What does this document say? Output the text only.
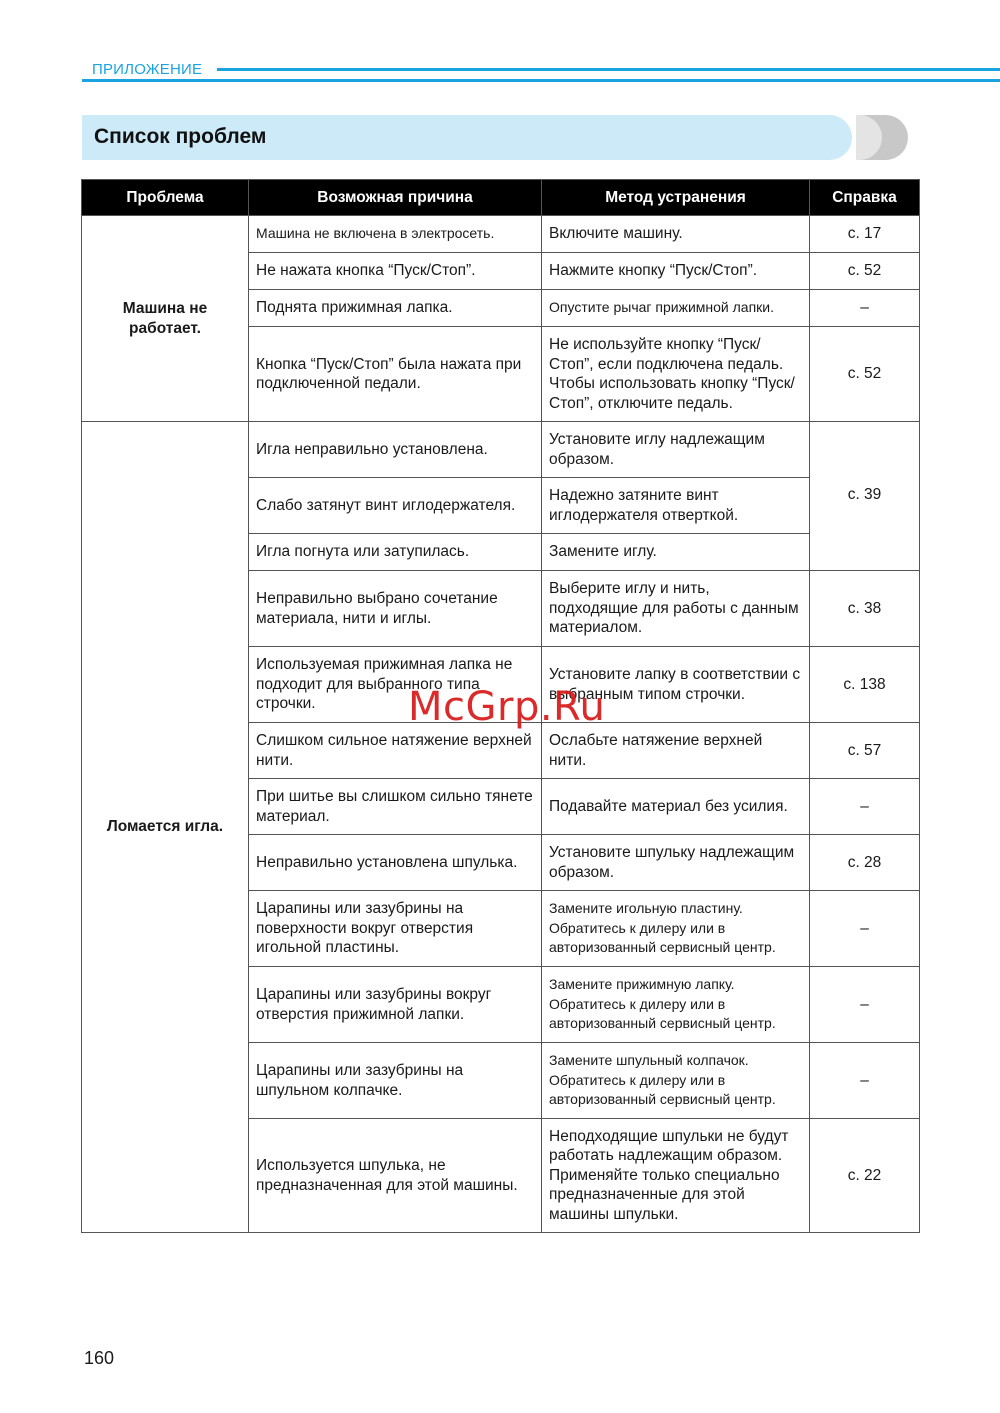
ПРИЛОЖЕНИЕ
Список проблем
Проблема	Возможная причина	Метод устранения	Справка
Машина не работает.	Машина не включена в электросеть.	Включите машину.	с. 17
	Не нажата кнопка “Пуск/Стоп”.	Нажмите кнопку “Пуск/Стоп”.	с. 52
	Поднята прижимная лапка.	Опустите рычаг прижимной лапки.	–
	Кнопка “Пуск/Стоп” была нажата при подключенной педали.	Не используйте кнопку “Пуск/Стоп”, если подключена педаль. Чтобы использовать кнопку “Пуск/Стоп”, отключите педаль.	с. 52
Ломается игла.	Игла неправильно установлена.	Установите иглу надлежащим образом.	с. 39
	Слабо затянут винт иглодержателя.	Надежно затяните винт иглодержателя отверткой.	
	Игла погнута или затупилась.	Замените иглу.	
	Неправильно выбрано сочетание материала, нити и иглы.	Выберите иглу и нить, подходящие для работы с данным материалом.	с. 38
	Используемая прижимная лапка не подходит для выбранного типа строчки.	Установите лапку в соответствии с выбранным типом строчки.	с. 138
	Слишком сильное натяжение верхней нити.	Ослабьте натяжение верхней нити.	с. 57
	При шитье вы слишком сильно тянете материал.	Подавайте материал без усилия.	–
	Неправильно установлена шпулька.	Установите шпульку надлежащим образом.	с. 28
	Царапины или зазубрины на поверхности вокруг отверстия игольной пластины.	Замените игольную пластину. Обратитесь к дилеру или в авторизованный сервисный центр.	–
	Царапины или зазубрины вокруг отверстия прижимной лапки.	Замените прижимную лапку. Обратитесь к дилеру или в авторизованный сервисный центр.	–
	Царапины или зазубрины на шпульном колпачке.	Замените шпульный колпачок. Обратитесь к дилеру или в авторизованный сервисный центр.	–
	Используется шпулька, не предназначенная для этой машины.	Неподходящие шпульки не будут работать надлежащим образом. Применяйте только специально предназначенные для этой машины шпульки.	с. 22
McGrp.Ru
160
